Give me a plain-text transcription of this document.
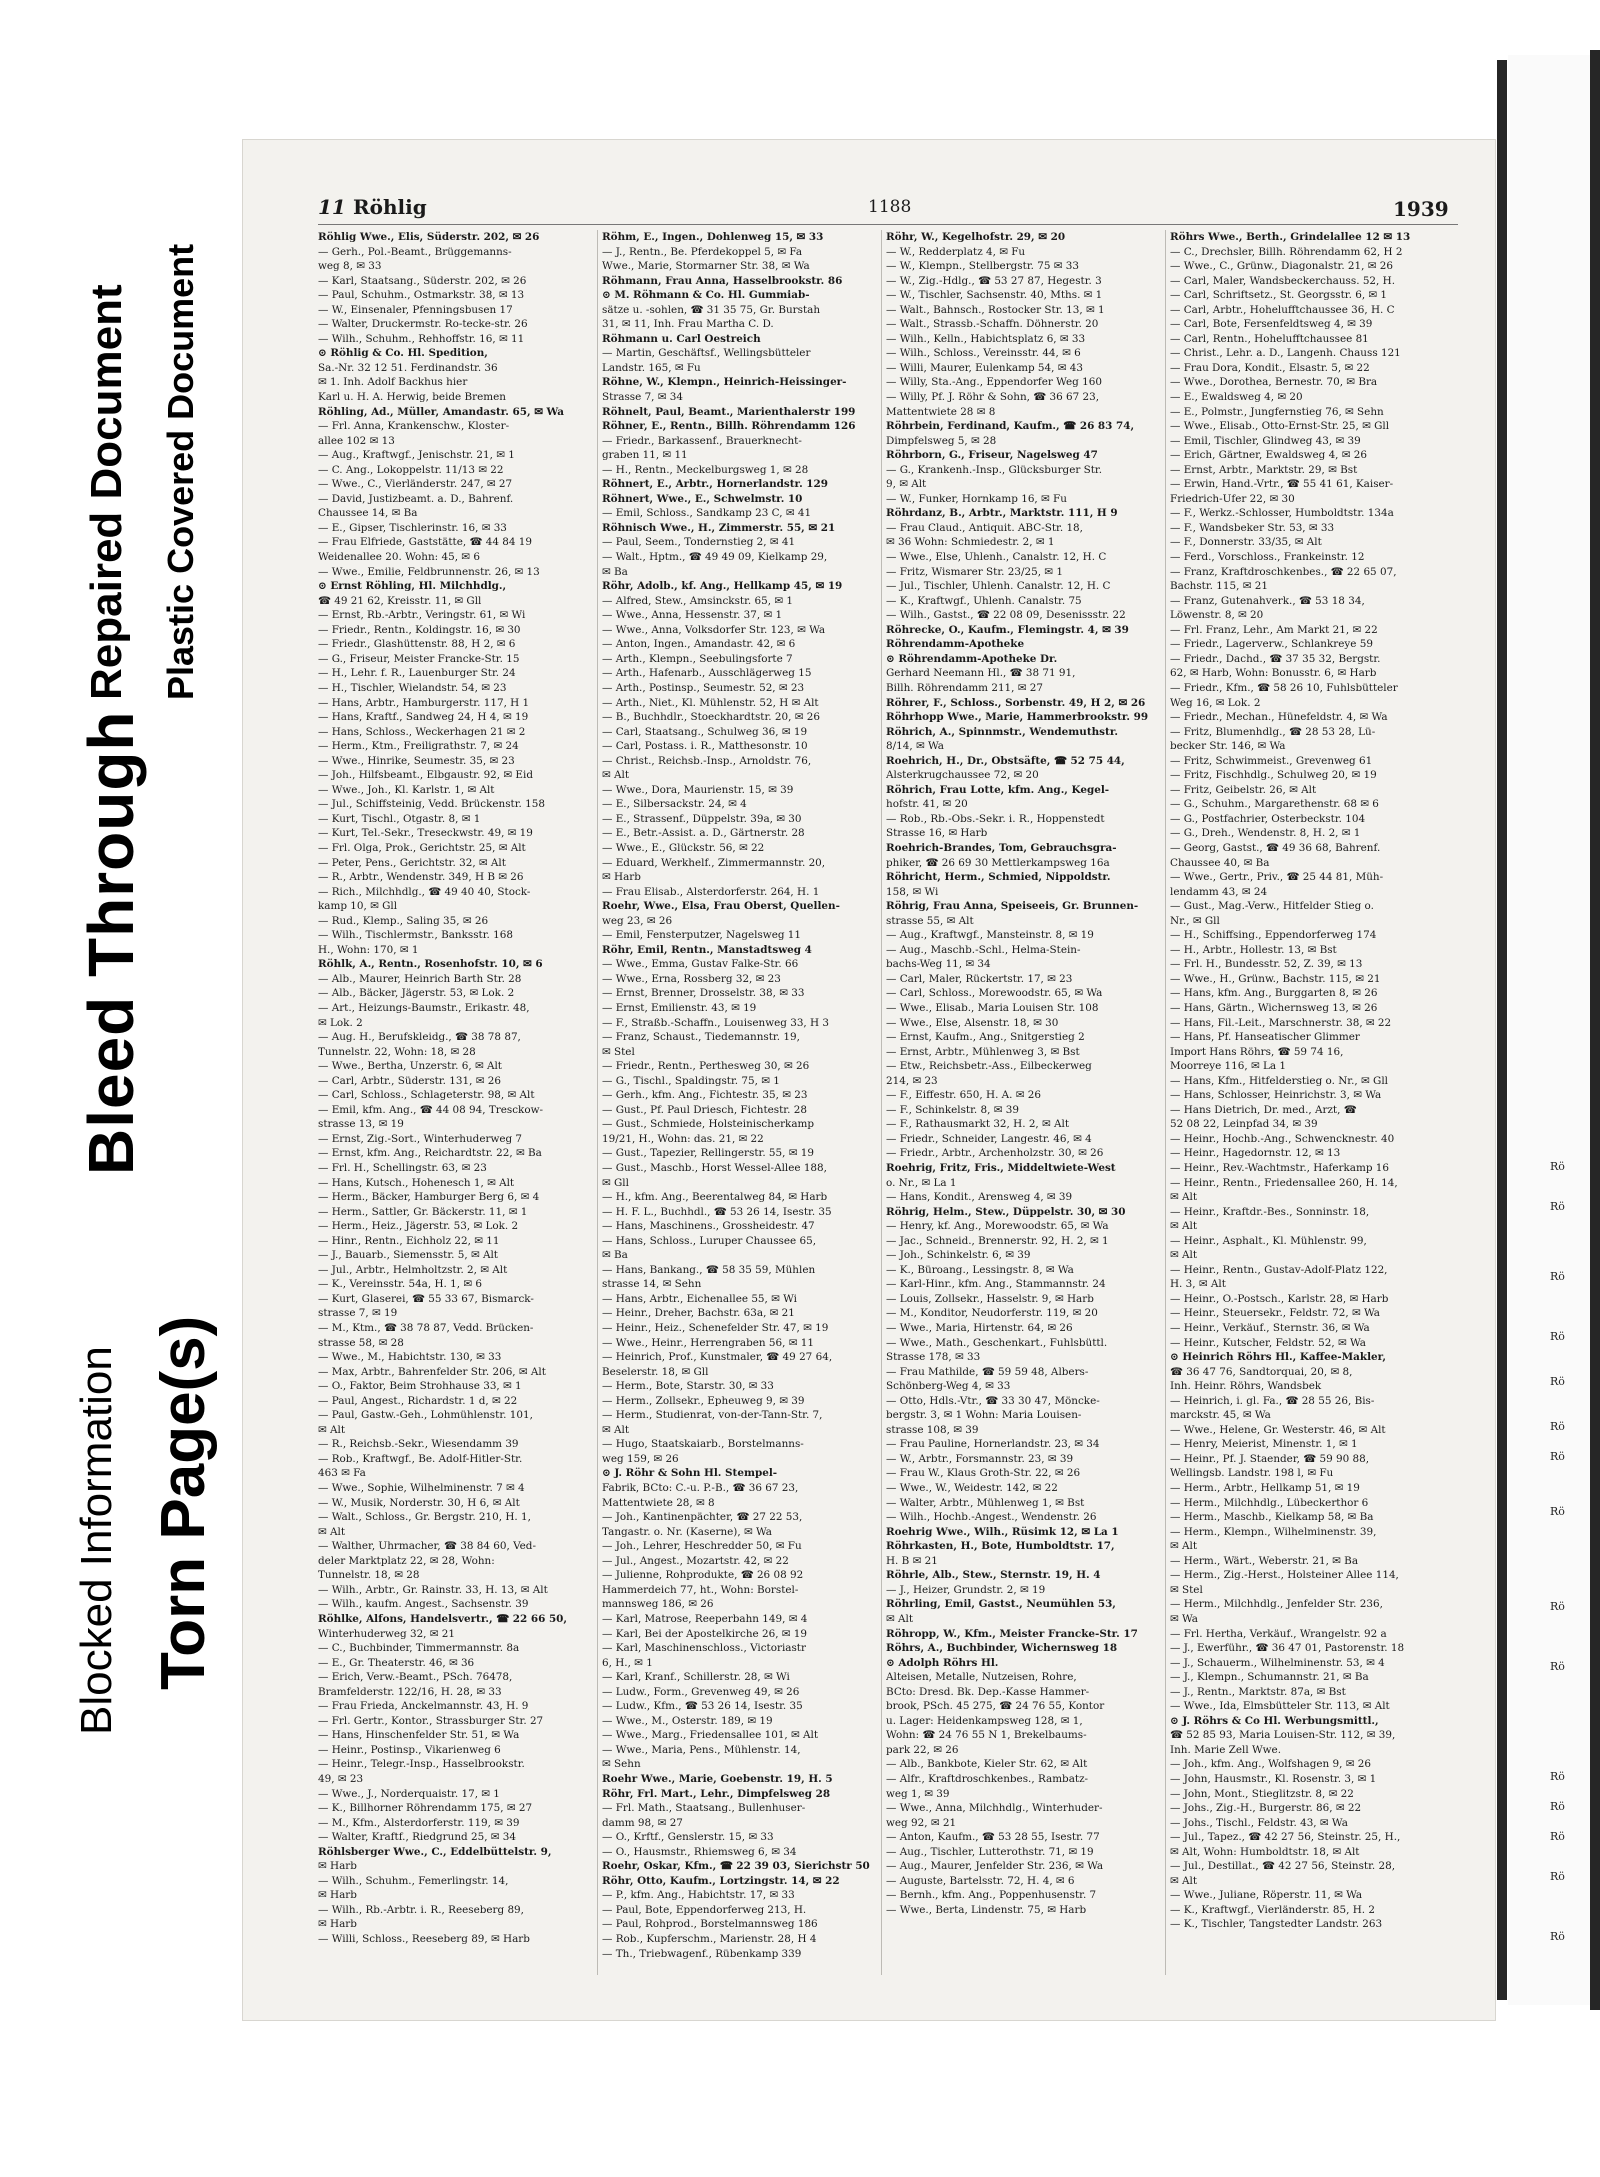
Blocked Information Torn Page(s)
Bleed Through
Repaired Document Plastic Covered Document
11 Röhlig	1188	1939
Röhlig Wwe., Elis, Süderstr. 202, ✉ 26
— Gerh., Pol.-Beamt., Brüggemanns-
weg 8, ✉ 33
— Karl, Staatsang., Süderstr. 202, ✉ 26
— Paul, Schuhm., Ostmarkstr. 38, ✉ 13
— W., Einsenaler, Pfenningsbusen 17
— Walter, Druckermstr. Ro-tecke-str. 26
— Wilh., Schuhm., Rehhoffstr. 16, ✉ 11
⊙ Röhlig & Co. Hl. Spedition,
Sa.-Nr. 32 12 51. Ferdinandstr. 36
✉ 1. Inh. Adolf Backhus hier
Karl u. H. A. Herwig, beide Bremen
Röhling, Ad., Müller, Amandastr. 65, ✉ Wa
— Frl. Anna, Krankenschw., Kloster-
allee 102 ✉ 13
— Aug., Kraftwgf., Jenischstr. 21, ✉ 1
— C. Ang., Lokoppelstr. 11/13 ✉ 22
— Wwe., C., Vierländerstr. 247, ✉ 27
— David, Justizbeamt. a. D., Bahrenf.
Chaussee 14, ✉ Ba
— E., Gipser, Tischlerinstr. 16, ✉ 33
— Frau Elfriede, Gaststätte, ☎ 44 84 19
Weidenallee 20. Wohn: 45, ✉ 6
— Wwe., Emilie, Feldbrunnenstr. 26, ✉ 13
⊙ Ernst Röhling, Hl. Milchhdlg.,
☎ 49 21 62, Kreisstr. 11, ✉ Gll
— Ernst, Rb.-Arbtr., Veringstr. 61, ✉ Wi
— Friedr., Rentn., Koldingstr. 16, ✉ 30
— Friedr., Glashüttenstr. 88, H 2, ✉ 6
— G., Friseur, Meister Francke-Str. 15
— H., Lehr. f. R., Lauenburger Str. 24
— H., Tischler, Wielandstr. 54, ✉ 23
— Hans, Arbtr., Hamburgerstr. 117, H 1
— Hans, Kraftf., Sandweg 24, H 4, ✉ 19
— Hans, Schloss., Weckerhagen 21 ✉ 2
— Herm., Ktm., Freiligrathstr. 7, ✉ 24
— Wwe., Hinrike, Seumestr. 35, ✉ 23
— Joh., Hilfsbeamt., Elbgaustr. 92, ✉ Eid
— Wwe., Joh., Kl. Karlstr. 1, ✉ Alt
— Jul., Schiffsteinig, Vedd. Brückenstr. 158
— Kurt, Tischl., Otgastr. 8, ✉ 1
— Kurt, Tel.-Sekr., Treseckwstr. 49, ✉ 19
— Frl. Olga, Prok., Gerichtstr. 25, ✉ Alt
— Peter, Pens., Gerichtstr. 32, ✉ Alt
— R., Arbtr., Wendenstr. 349, H B ✉ 26
— Rich., Milchhdlg., ☎ 49 40 40, Stock-
kamp 10, ✉ Gll
— Rud., Klemp., Saling 35, ✉ 26
— Wilh., Tischlermstr., Banksstr. 168
H., Wohn: 170, ✉ 1
Röhlk, A., Rentn., Rosenhofstr. 10, ✉ 6
— Alb., Maurer, Heinrich Barth Str. 28
— Alb., Bäcker, Jägerstr. 53, ✉ Lok. 2
— Art., Heizungs-Baumstr., Erikastr. 48,
✉ Lok. 2
— Aug. H., Berufskleidg., ☎ 38 78 87,
Tunnelstr. 22, Wohn: 18, ✉ 28
— Wwe., Bertha, Unzerstr. 6, ✉ Alt
— Carl, Arbtr., Süderstr. 131, ✉ 26
— Carl, Schloss., Schlageterstr. 98, ✉ Alt
— Emil, kfm. Ang., ☎ 44 08 94, Tresckow-
strasse 13, ✉ 19
— Ernst, Zig.-Sort., Winterhuderweg 7
— Ernst, kfm. Ang., Reichardtstr. 22, ✉ Ba
— Frl. H., Schellingstr. 63, ✉ 23
— Hans, Kutsch., Hohenesch 1, ✉ Alt
— Herm., Bäcker, Hamburger Berg 6, ✉ 4
— Herm., Sattler, Gr. Bäckerstr. 11, ✉ 1
— Herm., Heiz., Jägerstr. 53, ✉ Lok. 2
— Hinr., Rentn., Eichholz 22, ✉ 11
— J., Bauarb., Siemensstr. 5, ✉ Alt
— Jul., Arbtr., Helmholtzstr. 2, ✉ Alt
— K., Vereinsstr. 54a, H. 1, ✉ 6
— Kurt, Glaserei, ☎ 55 33 67, Bismarck-
strasse 7, ✉ 19
— M., Ktm., ☎ 38 78 87, Vedd. Brücken-
strasse 58, ✉ 28
— Wwe., M., Habichtstr. 130, ✉ 33
— Max, Arbtr., Bahrenfelder Str. 206, ✉ Alt
— O., Faktor, Beim Strohhause 33, ✉ 1
— Paul, Angest., Richardstr. 1 d, ✉ 22
— Paul, Gastw.-Geh., Lohmühlenstr. 101,
✉ Alt
— R., Reichsb.-Sekr., Wiesendamm 39
— Rob., Kraftwgf., Be. Adolf-Hitler-Str.
463 ✉ Fa
— Wwe., Sophie, Wilhelminenstr. 7 ✉ 4
— W., Musik, Norderstr. 30, H 6, ✉ Alt
— Walt., Schloss., Gr. Bergstr. 210, H. 1,
✉ Alt
— Walther, Uhrmacher, ☎ 38 84 60, Ved-
deler Marktplatz 22, ✉ 28, Wohn:
Tunnelstr. 18, ✉ 28
— Wilh., Arbtr., Gr. Rainstr. 33, H. 13, ✉ Alt
— Wilh., kaufm. Angest., Sachsenstr. 39
Röhlke, Alfons, Handelsvertr., ☎ 22 66 50,
Winterhuderweg 32, ✉ 21
— C., Buchbinder, Timmermannstr. 8a
— E., Gr. Theaterstr. 46, ✉ 36
— Erich, Verw.-Beamt., PSch. 76478,
Bramfelderstr. 122/16, H. 28, ✉ 33
— Frau Frieda, Anckelmannstr. 43, H. 9
— Frl. Gertr., Kontor., Strassburger Str. 27
— Hans, Hinschenfelder Str. 51, ✉ Wa
— Heinr., Postinsp., Vikarienweg 6
— Heinr., Telegr.-Insp., Hasselbrookstr.
49, ✉ 23
— Wwe., J., Norderquaistr. 17, ✉ 1
— K., Billhorner Röhrendamm 175, ✉ 27
— M., Kfm., Alsterdorferstr. 119, ✉ 39
— Walter, Kraftf., Riedgrund 25, ✉ 34
Röhlsberger Wwe., C., Eddelbüttelstr. 9,
✉ Harb
— Wilh., Schuhm., Femerlingstr. 14,
✉ Harb
— Wilh., Rb.-Arbtr. i. R., Reeseberg 89,
✉ Harb
— Willi, Schloss., Reeseberg 89, ✉ Harb
Röhm, E., Ingen., Dohlenweg 15, ✉ 33
— J., Rentn., Be. Pferdekoppel 5, ✉ Fa
Wwe., Marie, Stormarner Str. 38, ✉ Wa
Röhmann, Frau Anna, Hasselbrookstr. 86
⊙ M. Röhmann & Co. Hl. Gummiab-
sätze u. -sohlen, ☎ 31 35 75, Gr. Burstah
31, ✉ 11, Inh. Frau Martha C. D.
Röhmann u. Carl Oestreich
— Martin, Geschäftsf., Wellingsbütteler
Landstr. 165, ✉ Fu
Röhne, W., Klempn., Heinrich-Heissinger-
Strasse 7, ✉ 34
Röhnelt, Paul, Beamt., Marienthalerstr 199
Röhner, E., Rentn., Billh. Röhrendamm 126
— Friedr., Barkassenf., Brauerknecht-
graben 11, ✉ 11
— H., Rentn., Meckelburgsweg 1, ✉ 28
Röhnert, E., Arbtr., Hornerlandstr. 129
Röhnert, Wwe., E., Schwelmstr. 10
— Emil, Schloss., Sandkamp 23 C, ✉ 41
Röhnisch Wwe., H., Zimmerstr. 55, ✉ 21
— Paul, Seem., Tondernstieg 2, ✉ 41
— Walt., Hptm., ☎ 49 49 09, Kielkamp 29,
✉ Ba
Röhr, Adolb., kf. Ang., Hellkamp 45, ✉ 19
— Alfred, Stew., Amsinckstr. 65, ✉ 1
— Wwe., Anna, Hessenstr. 37, ✉ 1
— Wwe., Anna, Volksdorfer Str. 123, ✉ Wa
— Anton, Ingen., Amandastr. 42, ✉ 6
— Arth., Klempn., Seebulingsforte 7
— Arth., Hafenarb., Ausschlägerweg 15
— Arth., Postinsp., Seumestr. 52, ✉ 23
— Arth., Niet., Kl. Mühlenstr. 52, H ✉ Alt
— B., Buchhdlr., Stoeckhardtstr. 20, ✉ 26
— Carl, Staatsang., Schulweg 36, ✉ 19
— Carl, Postass. i. R., Matthesonstr. 10
— Christ., Reichsb.-Insp., Arnoldstr. 76,
✉ Alt
— Wwe., Dora, Maurienstr. 15, ✉ 39
— E., Silbersackstr. 24, ✉ 4
— E., Strassenf., Düppelstr. 39a, ✉ 30
— E., Betr.-Assist. a. D., Gärtnerstr. 28
— Wwe., E., Glückstr. 56, ✉ 22
— Eduard, Werkhelf., Zimmermannstr. 20,
✉ Harb
— Frau Elisab., Alsterdorferstr. 264, H. 1
Roehr, Wwe., Elsa, Frau Oberst, Quellen-
weg 23, ✉ 26
— Emil, Fensterputzer, Nagelsweg 11
Röhr, Emil, Rentn., Manstadtsweg 4
— Wwe., Emma, Gustav Falke-Str. 66
— Wwe., Erna, Rossberg 32, ✉ 23
— Ernst, Brenner, Drosselstr. 38, ✉ 33
— Ernst, Emilienstr. 43, ✉ 19
— F., Straßb.-Schaffn., Louisenweg 33, H 3
— Franz, Schaust., Tiedemannstr. 19,
✉ Stel
— Friedr., Rentn., Perthesweg 30, ✉ 26
— G., Tischl., Spaldingstr. 75, ✉ 1
— Gerh., kfm. Ang., Fichtestr. 35, ✉ 23
— Gust., Pf. Paul Driesch, Fichtestr. 28
— Gust., Schmiede, Holsteinischerkamp
19/21, H., Wohn: das. 21, ✉ 22
— Gust., Tapezier, Rellingerstr. 55, ✉ 19
— Gust., Maschb., Horst Wessel-Allee 188,
✉ Gll
— H., kfm. Ang., Beerentalweg 84, ✉ Harb
— H. F. L., Buchhdl., ☎ 53 26 14, Isestr. 35
— Hans, Maschinens., Grossheidestr. 47
— Hans, Schloss., Luruper Chaussee 65,
✉ Ba
— Hans, Bankang., ☎ 58 35 59, Mühlen
strasse 14, ✉ Sehn
— Hans, Arbtr., Eichenallee 55, ✉ Wi
— Heinr., Dreher, Bachstr. 63a, ✉ 21
— Heinr., Heiz., Schenefelder Str. 47, ✉ 19
— Wwe., Heinr., Herrengraben 56, ✉ 11
— Heinrich, Prof., Kunstmaler, ☎ 49 27 64,
Beselerstr. 18, ✉ Gll
— Herm., Bote, Starstr. 30, ✉ 33
— Herm., Zollsekr., Epheuweg 9, ✉ 39
— Herm., Studienrat, von-der-Tann-Str. 7,
✉ Alt
— Hugo, Staatskaiarb., Borstelmanns-
weg 159, ✉ 26
⊙ J. Röhr & Sohn Hl. Stempel-
Fabrik, BCto: C.-u. P.-B., ☎ 36 67 23,
Mattentwiete 28, ✉ 8
— Joh., Kantinenpächter, ☎ 27 22 53,
Tangastr. o. Nr. (Kaserne), ✉ Wa
— Joh., Lehrer, Heschredder 50, ✉ Fu
— Jul., Angest., Mozartstr. 42, ✉ 22
— Julienne, Rohprodukte, ☎ 26 08 92
Hammerdeich 77, ht., Wohn: Borstel-
mannsweg 186, ✉ 26
— Karl, Matrose, Reeperbahn 149, ✉ 4
— Karl, Bei der Apostelkirche 26, ✉ 19
— Karl, Maschinenschloss., Victoriastr
6, H., ✉ 1
— Karl, Kranf., Schillerstr. 28, ✉ Wi
— Ludw., Form., Grevenweg 49, ✉ 26
— Ludw., Kfm., ☎ 53 26 14, Isestr. 35
— Wwe., M., Osterstr. 189, ✉ 19
— Wwe., Marg., Friedensallee 101, ✉ Alt
— Wwe., Maria, Pens., Mühlenstr. 14,
✉ Sehn
Roehr Wwe., Marie, Goebenstr. 19, H. 5
Röhr, Frl. Mart., Lehr., Dimpfelsweg 28
— Frl. Math., Staatsang., Bullenhuser-
damm 98, ✉ 27
— O., Krftf., Genslerstr. 15, ✉ 33
— O., Hausmstr., Rhiemsweg 6, ✉ 34
Roehr, Oskar, Kfm., ☎ 22 39 03, Sierichstr 50
Röhr, Otto, Kaufm., Lortzingstr. 14, ✉ 22
— P., kfm. Ang., Habichtstr. 17, ✉ 33
— Paul, Bote, Eppendorferweg 213, H.
— Paul, Rohprod., Borstelmannsweg 186
— Rob., Kupferschm., Marienstr. 28, H 4
— Th., Triebwagenf., Rübenkamp 339
Röhr, W., Kegelhofstr. 29, ✉ 20
— W., Redderplatz 4, ✉ Fu
— W., Klempn., Stellbergstr. 75 ✉ 33
— W., Zig.-Hdlg., ☎ 53 27 87, Hegestr. 3
— W., Tischler, Sachsenstr. 40, Mths. ✉ 1
— Walt., Bahnsch., Rostocker Str. 13, ✉ 1
— Walt., Strassb.-Schaffn. Döhnerstr. 20
— Wilh., Kelln., Habichtsplatz 6, ✉ 33
— Wilh., Schloss., Vereinsstr. 44, ✉ 6
— Willi, Maurer, Eulenkamp 54, ✉ 43
— Willy, Sta.-Ang., Eppendorfer Weg 160
— Willy, Pf. J. Röhr & Sohn, ☎ 36 67 23,
Mattentwiete 28 ✉ 8
Röhrbein, Ferdinand, Kaufm., ☎ 26 83 74,
Dimpfelsweg 5, ✉ 28
Röhrborn, G., Friseur, Nagelsweg 47
— G., Krankenh.-Insp., Glücksburger Str.
9, ✉ Alt
— W., Funker, Hornkamp 16, ✉ Fu
Röhrdanz, B., Arbtr., Marktstr. 111, H 9
— Frau Claud., Antiquit. ABC-Str. 18,
✉ 36 Wohn: Schmiedestr. 2, ✉ 1
— Wwe., Else, Uhlenh., Canalstr. 12, H. C
— Fritz, Wismarer Str. 23/25, ✉ 1
— Jul., Tischler, Uhlenh. Canalstr. 12, H. C
— K., Kraftwgf., Uhlenh. Canalstr. 75
— Wilh., Gastst., ☎ 22 08 09, Desenissstr. 22
Röhrecke, O., Kaufm., Flemingstr. 4, ✉ 39
Röhrendamm-Apotheke
⊙ Röhrendamm-Apotheke Dr.
Gerhard Neemann Hl., ☎ 38 71 91,
Billh. Röhrendamm 211, ✉ 27
Röhrer, F., Schloss., Sorbenstr. 49, H 2, ✉ 26
Röhrhopp Wwe., Marie, Hammerbrookstr. 99
Röhrich, A., Spinnmstr., Wendemuthstr.
8/14, ✉ Wa
Roehrich, H., Dr., Obstsäfte, ☎ 52 75 44,
Alsterkrugchaussee 72, ✉ 20
Röhrich, Frau Lotte, kfm. Ang., Kegel-
hofstr. 41, ✉ 20
— Rob., Rb.-Obs.-Sekr. i. R., Hoppenstedt
Strasse 16, ✉ Harb
Roehrich-Brandes, Tom, Gebrauchsgra-
phiker, ☎ 26 69 30 Mettlerkampsweg 16a
Röhricht, Herm., Schmied, Nippoldstr.
158, ✉ Wi
Röhrig, Frau Anna, Speiseeis, Gr. Brunnen-
strasse 55, ✉ Alt
— Aug., Kraftwgf., Mansteinstr. 8, ✉ 19
— Aug., Maschb.-Schl., Helma-Stein-
bachs-Weg 11, ✉ 34
— Carl, Maler, Rückertstr. 17, ✉ 23
— Carl, Schloss., Morewoodstr. 65, ✉ Wa
— Wwe., Elisab., Maria Louisen Str. 108
— Wwe., Else, Alsenstr. 18, ✉ 30
— Ernst, Kaufm., Ang., Snitgerstieg 2
— Ernst, Arbtr., Mühlenweg 3, ✉ Bst
— Etw., Reichsbetr.-Ass., Eilbeckerweg
214, ✉ 23
— F., Eiffestr. 650, H. A. ✉ 26
— F., Schinkelstr. 8, ✉ 39
— F., Rathausmarkt 32, H. 2, ✉ Alt
— Friedr., Schneider, Langestr. 46, ✉ 4
— Friedr., Arbtr., Archenholzstr. 30, ✉ 26
Roehrig, Fritz, Fris., Middeltwiete-West
o. Nr., ✉ La 1
— Hans, Kondit., Arensweg 4, ✉ 39
Röhrig, Helm., Stew., Düppelstr. 30, ✉ 30
— Henry, kf. Ang., Morewoodstr. 65, ✉ Wa
— Jac., Schneid., Brennerstr. 92, H. 2, ✉ 1
— Joh., Schinkelstr. 6, ✉ 39
— K., Büroang., Lessingstr. 8, ✉ Wa
— Karl-Hinr., kfm. Ang., Stammannstr. 24
— Louis, Zollsekr., Hasselstr. 9, ✉ Harb
— M., Konditor, Neudorferstr. 119, ✉ 20
— Wwe., Maria, Hirtenstr. 64, ✉ 26
— Wwe., Math., Geschenkart., Fuhlsbüttl.
Strasse 178, ✉ 33
— Frau Mathilde, ☎ 59 59 48, Albers-
Schönberg-Weg 4, ✉ 33
— Otto, Hdls.-Vtr., ☎ 33 30 47, Möncke-
bergstr. 3, ✉ 1 Wohn: Maria Louisen-
strasse 108, ✉ 39
— Frau Pauline, Hornerlandstr. 23, ✉ 34
— W., Arbtr., Forsmannstr. 23, ✉ 39
— Frau W., Klaus Groth-Str. 22, ✉ 26
— Wwe., W., Weidestr. 142, ✉ 22
— Walter, Arbtr., Mühlenweg 1, ✉ Bst
— Wilh., Hochb.-Angest., Wendenstr. 26
Roehrig Wwe., Wilh., Rüsimk 12, ✉ La 1
Röhrkasten, H., Bote, Humboldtstr. 17,
H. B ✉ 21
Röhrle, Alb., Stew., Sternstr. 19, H. 4
— J., Heizer, Grundstr. 2, ✉ 19
Röhrling, Emil, Gastst., Neumühlen 53,
✉ Alt
Röhropp, W., Kfm., Meister Francke-Str. 17
Röhrs, A., Buchbinder, Wichernsweg 18
⊙ Adolph Röhrs Hl.
Alteisen, Metalle, Nutzeisen, Rohre,
BCto: Dresd. Bk. Dep.-Kasse Hammer-
brook, PSch. 45 275, ☎ 24 76 55, Kontor
u. Lager: Heidenkampsweg 128, ✉ 1,
Wohn: ☎ 24 76 55 N 1, Brekelbaums-
park 22, ✉ 26
— Alb., Bankbote, Kieler Str. 62, ✉ Alt
— Alfr., Kraftdroschkenbes., Rambatz-
weg 1, ✉ 39
— Wwe., Anna, Milchhdlg., Winterhuder-
weg 92, ✉ 21
— Anton, Kaufm., ☎ 53 28 55, Isestr. 77
— Aug., Tischler, Lutterothstr. 71, ✉ 19
— Aug., Maurer, Jenfelder Str. 236, ✉ Wa
— Auguste, Bartelsstr. 72, H. 4, ✉ 6
— Bernh., kfm. Ang., Poppenhusenstr. 7
— Wwe., Berta, Lindenstr. 75, ✉ Harb
Röhrs Wwe., Berth., Grindelallee 12 ✉ 13
— C., Drechsler, Billh. Röhrendamm 62, H 2
— Wwe., C., Grünw., Diagonalstr. 21, ✉ 26
— Carl, Maler, Wandsbeckerchauss. 52, H.
— Carl, Schriftsetz., St. Georgsstr. 6, ✉ 1
— Carl, Arbtr., Hohelufftchaussee 36, H. C
— Carl, Bote, Fersenfeldtsweg 4, ✉ 39
— Carl, Rentn., Hohelufftchaussee 81
— Christ., Lehr. a. D., Langenh. Chauss 121
— Frau Dora, Kondit., Elsastr. 5, ✉ 22
— Wwe., Dorothea, Bernestr. 70, ✉ Bra
— E., Ewaldsweg 4, ✉ 20
— E., Polmstr., Jungfernstieg 76, ✉ Sehn
— Wwe., Elisab., Otto-Ernst-Str. 25, ✉ Gll
— Emil, Tischler, Glindweg 43, ✉ 39
— Erich, Gärtner, Ewaldsweg 4, ✉ 26
— Ernst, Arbtr., Marktstr. 29, ✉ Bst
— Erwin, Hand.-Vrtr., ☎ 55 41 61, Kaiser-
Friedrich-Ufer 22, ✉ 30
— F., Werkz.-Schlosser, Humboldtstr. 134a
— F., Wandsbeker Str. 53, ✉ 33
— F., Donnerstr. 33/35, ✉ Alt
— Ferd., Vorschloss., Frankeinstr. 12
— Franz, Kraftdroschkenbes., ☎ 22 65 07,
Bachstr. 115, ✉ 21
— Franz, Gutenahverk., ☎ 53 18 34,
Löwenstr. 8, ✉ 20
— Frl. Franz, Lehr., Am Markt 21, ✉ 22
— Friedr., Lagerverw., Schlankreye 59
— Friedr., Dachd., ☎ 37 35 32, Bergstr.
62, ✉ Harb, Wohn: Bonusstr. 6, ✉ Harb
— Friedr., Kfm., ☎ 58 26 10, Fuhlsbütteler
Weg 16, ✉ Lok. 2
— Friedr., Mechan., Hünefeldstr. 4, ✉ Wa
— Fritz, Blumenhdlg., ☎ 28 53 28, Lü-
becker Str. 146, ✉ Wa
— Fritz, Schwimmeist., Grevenweg 61
— Fritz, Fischhdlg., Schulweg 20, ✉ 19
— Fritz, Geibelstr. 26, ✉ Alt
— G., Schuhm., Margarethenstr. 68 ✉ 6
— G., Postfachrier, Osterbeckstr. 104
— G., Dreh., Wendenstr. 8, H. 2, ✉ 1
— Georg, Gastst., ☎ 49 36 68, Bahrenf.
Chaussee 40, ✉ Ba
— Wwe., Gertr., Priv., ☎ 25 44 81, Müh-
lendamm 43, ✉ 24
— Gust., Mag.-Verw., Hitfelder Stieg o.
Nr., ✉ Gll
— H., Schiffsing., Eppendorferweg 174
— H., Arbtr., Hollestr. 13, ✉ Bst
— Frl. H., Bundesstr. 52, Z. 39, ✉ 13
— Wwe., H., Grünw., Bachstr. 115, ✉ 21
— Hans, kfm. Ang., Burggarten 8, ✉ 26
— Hans, Gärtn., Wichernsweg 13, ✉ 26
— Hans, Fil.-Leit., Marschnerstr. 38, ✉ 22
— Hans, Pf. Hanseatischer Glimmer
Import Hans Röhrs, ☎ 59 74 16,
Moorreye 116, ✉ La 1
— Hans, Kfm., Hitfelderstieg o. Nr., ✉ Gll
— Hans, Schlosser, Heinrichstr. 3, ✉ Wa
— Hans Dietrich, Dr. med., Arzt, ☎
52 08 22, Leinpfad 34, ✉ 39
— Heinr., Hochb.-Ang., Schwencknestr. 40
— Heinr., Hagedornstr. 12, ✉ 13
— Heinr., Rev.-Wachtmstr., Haferkamp 16
— Heinr., Rentn., Friedensallee 260, H. 14,
✉ Alt
— Heinr., Kraftdr.-Bes., Sonninstr. 18,
✉ Alt
— Heinr., Asphalt., Kl. Mühlenstr. 99,
✉ Alt
— Heinr., Rentn., Gustav-Adolf-Platz 122,
H. 3, ✉ Alt
— Heinr., O.-Postsch., Karlstr. 28, ✉ Harb
— Heinr., Steuersekr., Feldstr. 72, ✉ Wa
— Heinr., Verkäuf., Sternstr. 36, ✉ Wa
— Heinr., Kutscher, Feldstr. 52, ✉ Wa
⊙ Heinrich Röhrs Hl., Kaffee-Makler,
☎ 36 47 76, Sandtorquai, 20, ✉ 8,
Inh. Heinr. Röhrs, Wandsbek
— Heinrich, i. gl. Fa., ☎ 28 55 26, Bis-
marckstr. 45, ✉ Wa
— Wwe., Helene, Gr. Westerstr. 46, ✉ Alt
— Henry, Meierist, Minenstr. 1, ✉ 1
— Heinr., Pf. J. Staender, ☎ 59 90 88,
Wellingsb. Landstr. 198 l, ✉ Fu
— Herm., Arbtr., Hellkamp 51, ✉ 19
— Herm., Milchhdlg., Lübeckerthor 6
— Herm., Maschb., Kielkamp 58, ✉ Ba
— Herm., Klempn., Wilhelminenstr. 39,
✉ Alt
— Herm., Wärt., Weberstr. 21, ✉ Ba
— Herm., Zig.-Herst., Holsteiner Allee 114,
✉ Stel
— Herm., Milchhdlg., Jenfelder Str. 236,
✉ Wa
— Frl. Hertha, Verkäuf., Wrangelstr. 92 a
— J., Ewerführ., ☎ 36 47 01, Pastorenstr. 18
— J., Schauerm., Wilhelminenstr. 53, ✉ 4
— J., Klempn., Schumannstr. 21, ✉ Ba
— J., Rentn., Marktstr. 87a, ✉ Bst
— Wwe., Ida, Elmsbütteler Str. 113, ✉ Alt
⊙ J. Röhrs & Co Hl. Werbungsmittl.,
☎ 52 85 93, Maria Louisen-Str. 112, ✉ 39,
Inh. Marie Zell Wwe.
— Joh., kfm. Ang., Wolfshagen 9, ✉ 26
— John, Hausmstr., Kl. Rosenstr. 3, ✉ 1
— John, Mont., Stieglitzstr. 8, ✉ 22
— Johs., Zig.-H., Burgerstr. 86, ✉ 22
— Johs., Tischl., Feldstr. 43, ✉ Wa
— Jul., Tapez., ☎ 42 27 56, Steinstr. 25, H.,
✉ Alt, Wohn: Humboldtstr. 18, ✉ Alt
— Jul., Destillat., ☎ 42 27 56, Steinstr. 28,
✉ Alt
— Wwe., Juliane, Röperstr. 11, ✉ Wa
— K., Kraftwgf., Vierländerstr. 85, H. 2
— K., Tischler, Tangstedter Landstr. 263
Rö
Rö
Rö
Rö
Rö
Rö
Rö
Rö
Rö
Rö
Rö
Rö
Rö
Rö
Rö
